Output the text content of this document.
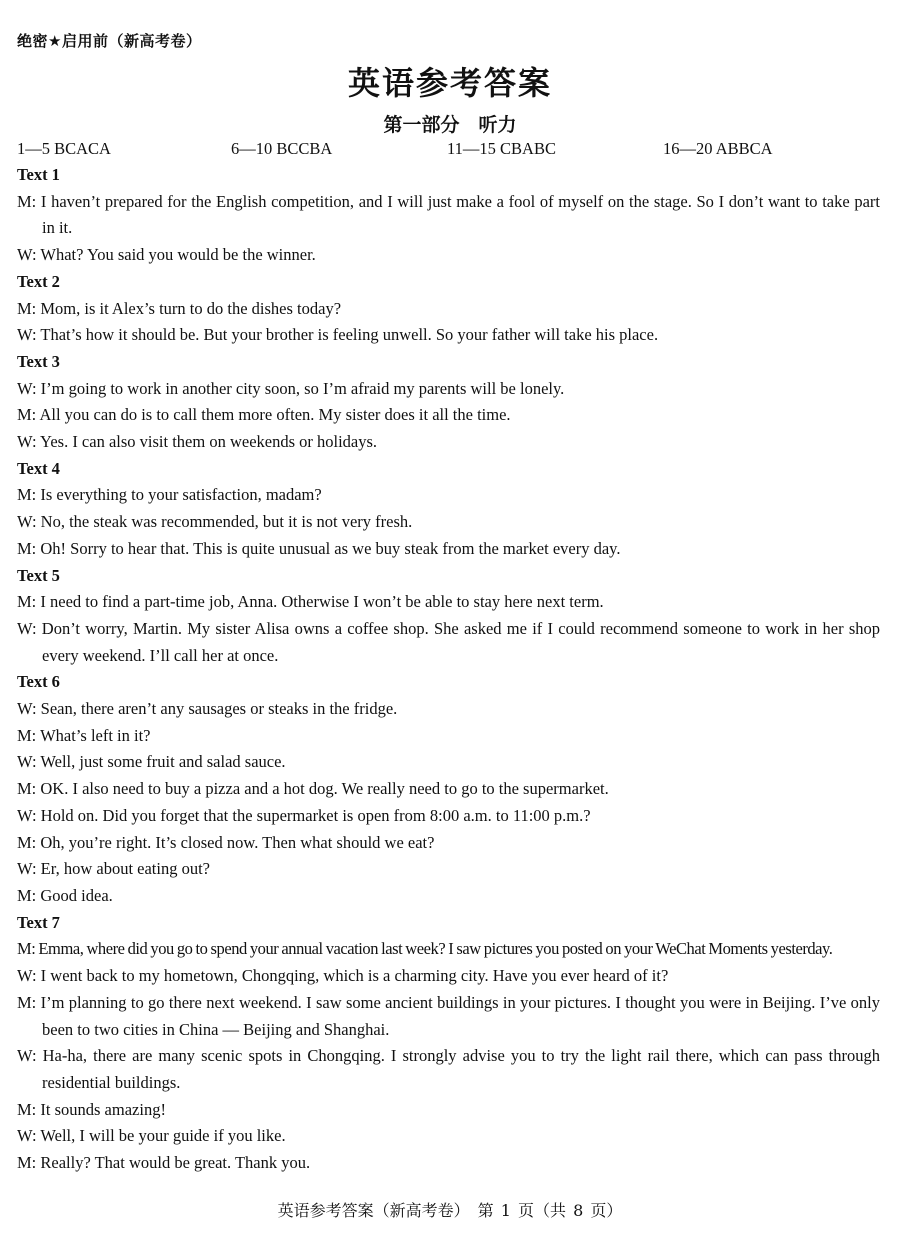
绝密★启用前（新高考卷）
英语参考答案
第一部分　听力
1—5 BCACA	6—10 BCCBA	11—15 CBABC	16—20 ABBCA

Text 1

M: I haven’t prepared for the English competition, and I will just make a fool of myself on the stage. So I don’t want to take part in it.

W: What? You said you would be the winner.

Text 2

M: Mom, is it Alex’s turn to do the dishes today?

W: That’s how it should be. But your brother is feeling unwell. So your father will take his place.

Text 3

W: I’m going to work in another city soon, so I’m afraid my parents will be lonely.

M: All you can do is to call them more often. My sister does it all the time.

W: Yes. I can also visit them on weekends or holidays.

Text 4

M: Is everything to your satisfaction, madam?

W: No, the steak was recommended, but it is not very fresh.

M: Oh! Sorry to hear that. This is quite unusual as we buy steak from the market every day.

Text 5

M: I need to find a part-time job, Anna. Otherwise I won’t be able to stay here next term.

W: Don’t worry, Martin. My sister Alisa owns a coffee shop. She asked me if I could recommend someone to work in her shop every weekend. I’ll call her at once.

Text 6

W: Sean, there aren’t any sausages or steaks in the fridge.

M: What’s left in it?

W: Well, just some fruit and salad sauce.

M: OK. I also need to buy a pizza and a hot dog. We really need to go to the supermarket.

W: Hold on. Did you forget that the supermarket is open from 8:00 a.m. to 11:00 p.m.?

M: Oh, you’re right. It’s closed now. Then what should we eat?

W: Er, how about eating out?

M: Good idea.

Text 7

M: Emma, where did you go to spend your annual vacation last week? I saw pictures you posted on your WeChat Moments yesterday.

W: I went back to my hometown, Chongqing, which is a charming city. Have you ever heard of it?

M: I’m planning to go there next weekend. I saw some ancient buildings in your pictures. I thought you were in Beijing. I’ve only been to two cities in China — Beijing and Shanghai.

W: Ha-ha, there are many scenic spots in Chongqing. I strongly advise you to try the light rail there, which can pass through residential buildings.

M: It sounds amazing!

W: Well, I will be your guide if you like.

M: Really? That would be great. Thank you.

英语参考答案（新高考卷）　第 1 页（共 8 页）
